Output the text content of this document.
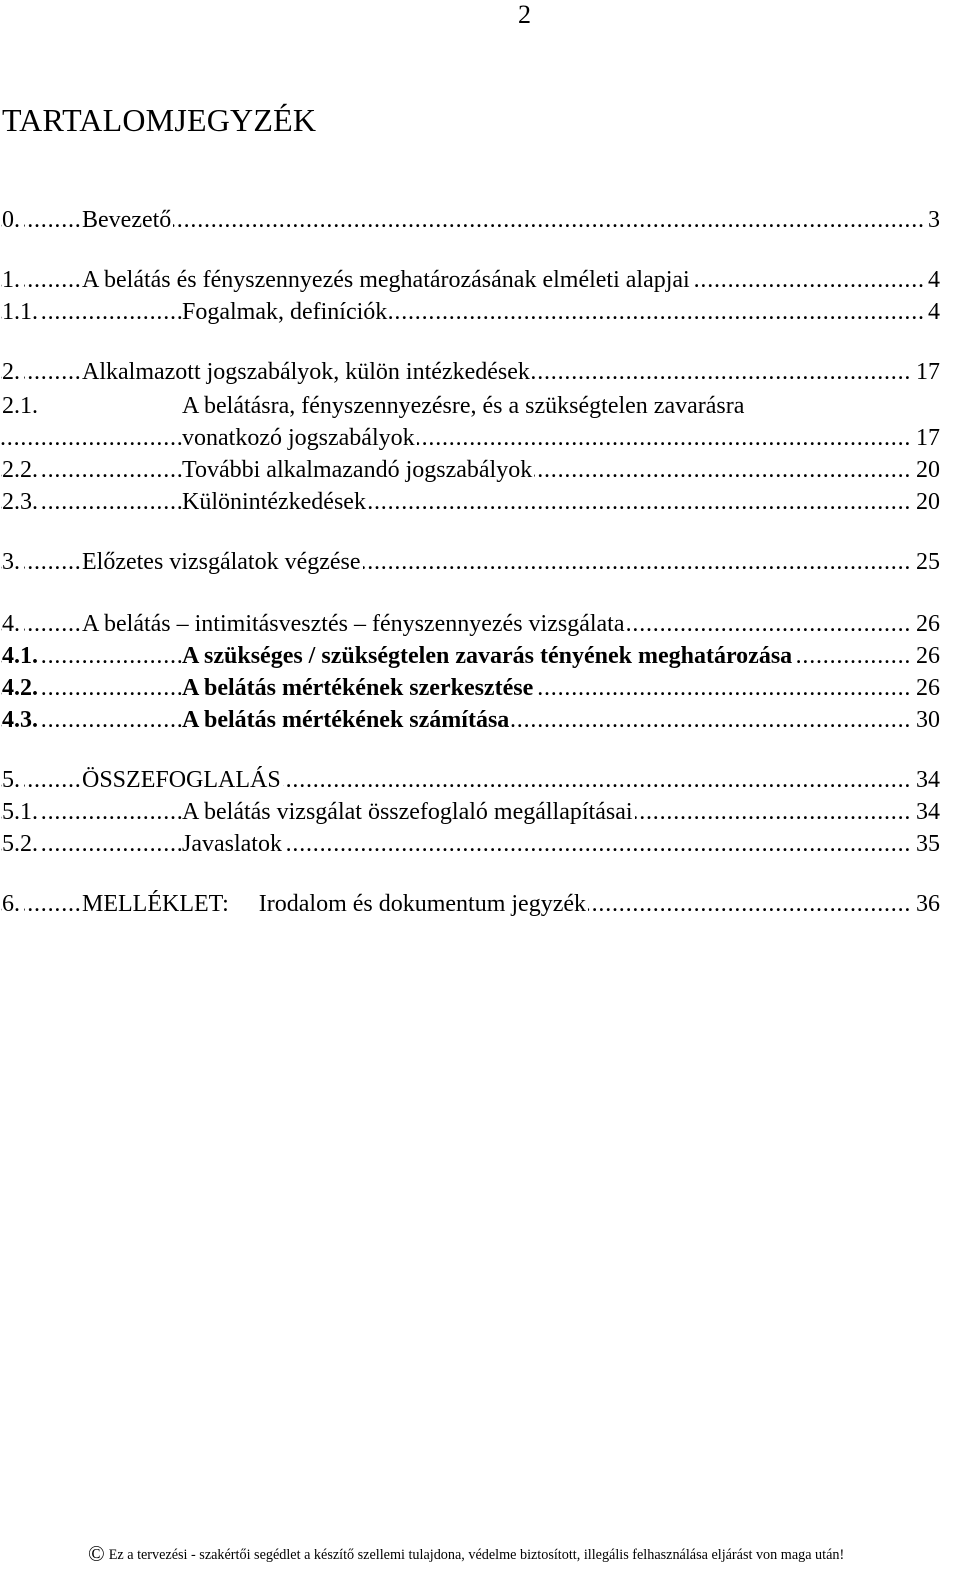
2
TARTALOMJEGYZÉK
. . .
0.	Bevezető	3
. . .
1.	A belátás és fényszennyezés meghatározásának elméleti alapjai	4
. . .
1.1.	Fogalmak, definíciók	4
. . .
2.	Alkalmazott jogszabályok, külön intézkedések	17
2.1.	A belátásra, fényszennyezésre, és a szükségtelen zavarásra
. . .
vonatkozó jogszabályok	17
. . .
2.2.	További alkalmazandó jogszabályok	20
. . .
2.3.	Különintézkedések	20
. . .
3.	Előzetes vizsgálatok végzése	25
. . .
4.	A belátás – intimitásvesztés – fényszennyezés vizsgálata	26
. . .
4.1.	A szükséges / szükségtelen zavarás tényének meghatározása	26
. . .
4.2.	A belátás mértékének szerkesztése	26
. . .
4.3.	A belátás mértékének számítása	30
. . .
5.	ÖSSZEFOGLALÁS	34
. . .
5.1.	A belátás vizsgálat összefoglaló megállapításai	34
. . .
5.2.	Javaslatok	35
. . .
6.	MELLÉKLET:     Irodalom és dokumentum jegyzék	36
© Ez a tervezési - szakértői segédlet a készítő szellemi tulajdona, védelme biztosított, illegális felhasználása eljárást von maga után!
